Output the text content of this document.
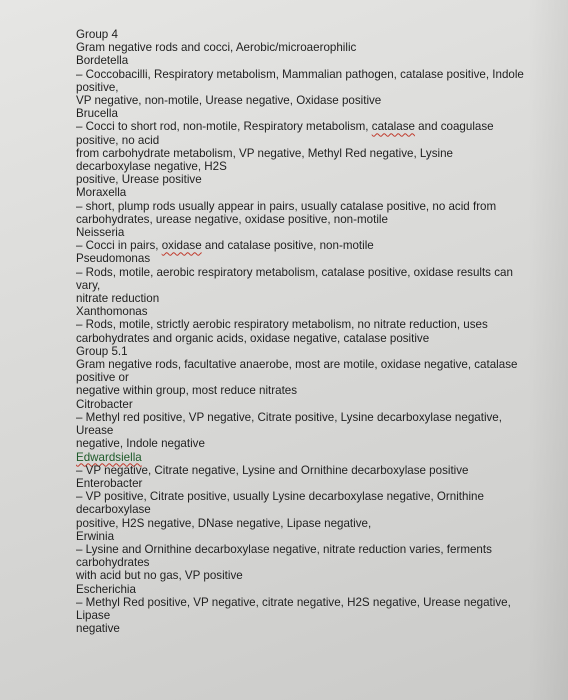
Group 4
Gram negative rods and cocci, Aerobic/microaerophilic
Bordetella
– Coccobacilli, Respiratory metabolism, Mammalian pathogen, catalase positive, Indole
positive,
VP negative, non-motile, Urease negative, Oxidase positive
Brucella
– Cocci to short rod, non-motile, Respiratory metabolism, catalase and coagulase
positive, no acid
from carbohydrate metabolism, VP negative, Methyl Red negative, Lysine
decarboxylase negative, H2S
positive, Urease positive
Moraxella
– short, plump rods usually appear in pairs, usually catalase positive, no acid from
carbohydrates, urease negative, oxidase positive, non-motile
Neisseria
– Cocci in pairs, oxidase and catalase positive, non-motile
Pseudomonas
– Rods, motile, aerobic respiratory metabolism, catalase positive, oxidase results can
vary,
nitrate reduction
Xanthomonas
– Rods, motile, strictly aerobic respiratory metabolism, no nitrate reduction, uses
carbohydrates and organic acids, oxidase negative, catalase positive
Group 5.1
Gram negative rods, facultative anaerobe, most are motile, oxidase negative, catalase
positive or
negative within group, most reduce nitrates
Citrobacter
– Methyl red positive, VP negative, Citrate positive, Lysine decarboxylase negative,
Urease
negative, Indole negative
Edwardsiella
– VP negative, Citrate negative, Lysine and Ornithine decarboxylase positive
Enterobacter
– VP positive, Citrate positive, usually Lysine decarboxylase negative, Ornithine
decarboxylase
positive, H2S negative, DNase negative, Lipase negative,
Erwinia
– Lysine and Ornithine decarboxylase negative, nitrate reduction varies, ferments
carbohydrates
with acid but no gas, VP positive
Escherichia
– Methyl Red positive, VP negative, citrate negative, H2S negative, Urease negative,
Lipase
negative
